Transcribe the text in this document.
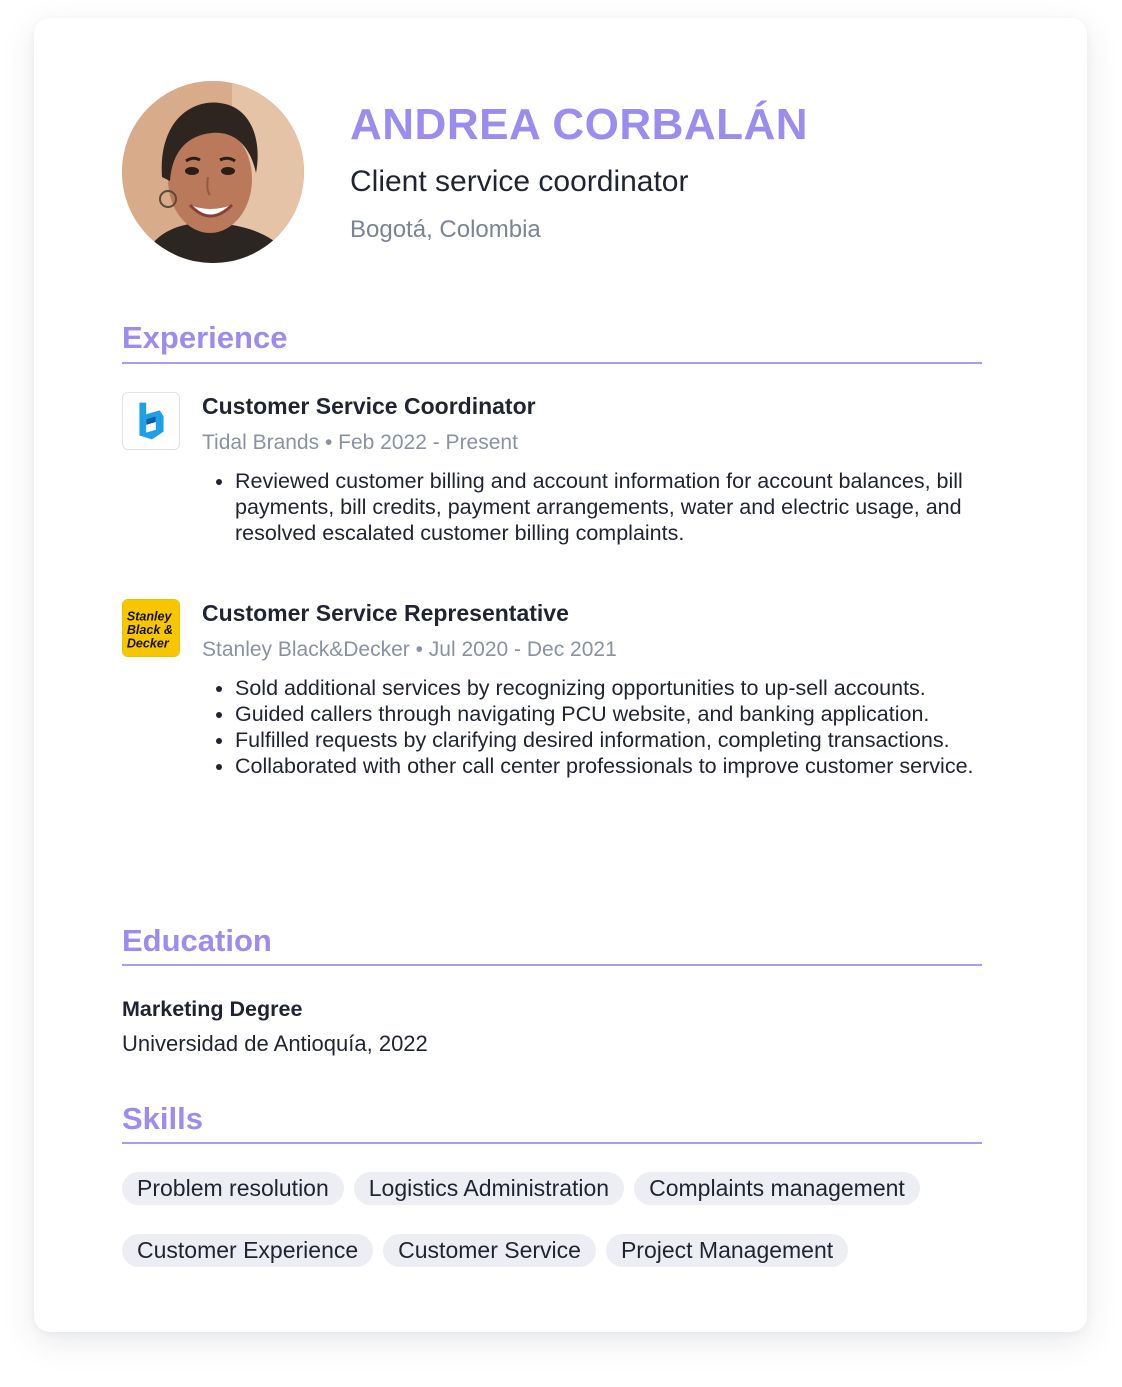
ANDREA CORBALÁN
Client service coordinator
Bogotá, Colombia
Experience
Customer Service Coordinator
Tidal Brands • Feb 2022 - Present
Reviewed customer billing and account information for account balances, bill payments, bill credits, payment arrangements, water and electric usage, and resolved escalated customer billing complaints.
Stanley
Black &
Decker
Customer Service Representative
Stanley Black&Decker • Jul 2020 - Dec 2021
Sold additional services by recognizing opportunities to up-sell accounts.
Guided callers through navigating PCU website, and banking application.
Fulfilled requests by clarifying desired information, completing transactions.
Collaborated with other call center professionals to improve customer service.
Education
Marketing Degree
Universidad de Antioquía, 2022
Skills
Problem resolution Logistics Administration Complaints management
Customer Experience Customer Service Project Management
